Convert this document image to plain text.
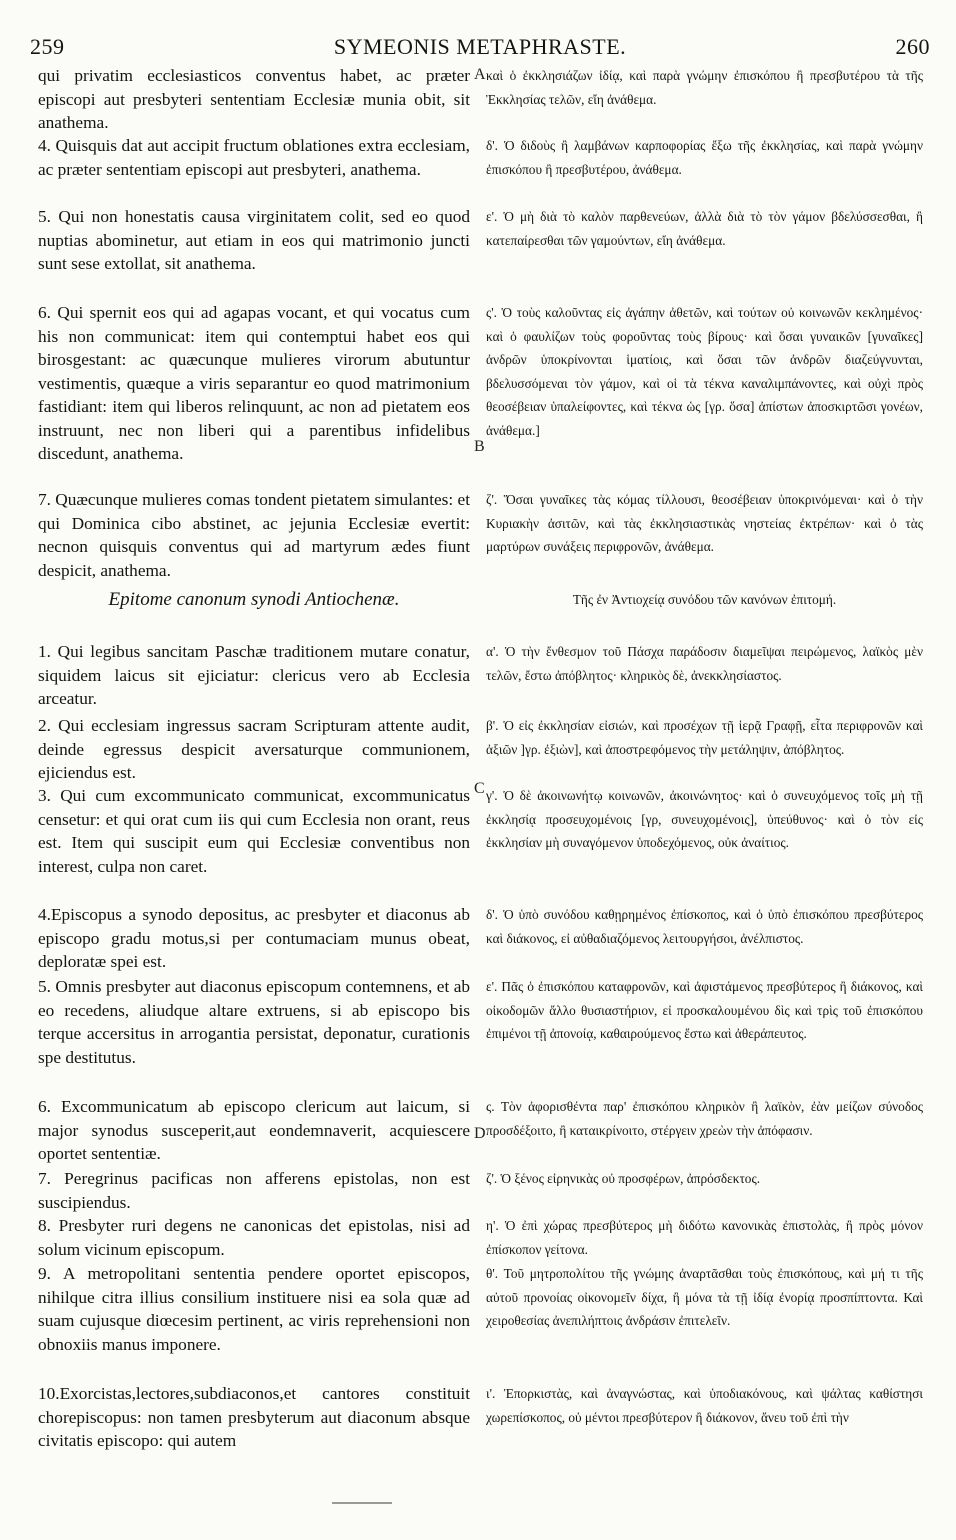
259	SYMEONIS METAPHRASTE.	260

qui privatim ecclesiasticos conventus habet, ac præter episcopi aut presbyteri sententiam Ecclesiæ munia obit, sit anathema.

4. Quisquis dat aut accipit fructum oblationes extra ecclesiam, ac præter sententiam episcopi aut presbyteri, anathema.

5. Qui non honestatis causa virginitatem colit, sed eo quod nuptias abominetur, aut etiam in eos qui matrimonio juncti sunt sese extollat, sit anathema.

6. Qui spernit eos qui ad agapas vocant, et qui vocatus cum his non communicat: item qui contemptui habet eos qui birosgestant: ac quæcunque mulieres virorum abutuntur vestimentis, quæque a viris separantur eo quod matrimonium fastidiant: item qui liberos relinquunt, ac non ad pietatem eos instruunt, nec non liberi qui a parentibus infidelibus discedunt, anathema.

7. Quæcunque mulieres comas tondent pietatem simulantes: et qui Dominica cibo abstinet, ac jejunia Ecclesiæ evertit: necnon quisquis conventus qui ad martyrum ædes fiunt despicit, anathema.

Epitome canonum synodi Antiochenæ.

1. Qui legibus sancitam Paschæ traditionem mutare conatur, siquidem laicus sit ejiciatur: clericus vero ab Ecclesia arceatur.

2. Qui ecclesiam ingressus sacram Scripturam attente audit, deinde egressus despicit aversaturque communionem, ejiciendus est.

3. Qui cum excommunicato communicat, excommunicatus censetur: et qui orat cum iis qui cum Ecclesia non orant, reus est. Item qui suscipit eum qui Ecclesiæ conventibus non interest, culpa non caret.

4.Episcopus a synodo depositus, ac presbyter et diaconus ab episcopo gradu motus,si per contumaciam munus obeat, deploratæ spei est.

5. Omnis presbyter aut diaconus episcopum contemnens, et ab eo recedens, aliudque altare extruens, si ab episcopo bis terque accersitus in arrogantia persistat, deponatur, curationis spe destitutus.

6. Excommunicatum ab episcopo clericum aut laicum, si major synodus susceperit,aut eondemnaverit, acquiescere oportet sententiæ.

7. Peregrinus pacificas non afferens epistolas, non est suscipiendus.

8. Presbyter ruri degens ne canonicas det epistolas, nisi ad solum vicinum episcopum.

9. A metropolitani sententia pendere oportet episcopos, nihilque citra illius consilium instituere nisi ea sola quæ ad suam cujusque diœcesim pertinent, ac viris reprehensioni non obnoxiis manus imponere.

10.Exorcistas,lectores,subdiaconos,et cantores constituit chorepiscopus: non tamen presbyterum aut diaconum absque civitatis episcopo: qui autem

A
B
C
D

καὶ ὁ ἐκκλησιάζων ἰδίᾳ, καὶ παρὰ γνώμην ἐπισκόπου ἢ πρεσβυτέρου τὰ τῆς Ἐκκλησίας τελῶν, εἴη ἀνάθεμα.

δ'. Ὁ διδοὺς ἢ λαμβάνων καρποφορίας ἔξω τῆς ἐκκλησίας, καὶ παρὰ γνώμην ἐπισκόπου ἢ πρεσβυτέρου, ἀνάθεμα.

ε'. Ὁ μὴ διὰ τὸ καλὸν παρθενεύων, ἀλλὰ διὰ τὸ τὸν γάμον βδελύσσεσθαι, ἢ κατεπαίρεσθαι τῶν γαμούντων, εἴη ἀνάθεμα.

ς'. Ὁ τοὺς καλοῦντας εἰς ἀγάπην ἀθετῶν, καὶ τούτων οὐ κοινωνῶν κεκλημένος· καὶ ὁ φαυλίζων τοὺς φοροῦντας τοὺς βίρους· καὶ ὅσαι γυναικῶν [γυναῖκες] ἀνδρῶν ὑποκρίνονται ἱματίοις, καὶ ὅσαι τῶν ἀνδρῶν διαζεύγνυνται, βδελυσσόμεναι τὸν γάμον, καὶ οἱ τὰ τέκνα καναλιμπάνοντες, καὶ οὐχὶ πρὸς θεοσέβειαν ὑπαλείφοντες, καὶ τέκνα ὡς [γρ. ὅσα] ἀπίστων ἀποσκιρτῶσι γονέων, ἀνάθεμα.]

ζ'. Ὅσαι γυναῖκες τὰς κόμας τίλλουσι, θεοσέβειαν ὑποκρινόμεναι· καὶ ὁ τὴν Κυριακὴν ἀσιτῶν, καὶ τὰς ἐκκλησιαστικὰς νηστείας ἐκτρέπων· καὶ ὁ τὰς μαρτύρων συνάξεις περιφρονῶν, ἀνάθεμα.

Τῆς ἐν Ἀντιοχείᾳ συνόδου τῶν κανόνων ἐπιτομή.

α'. Ὁ τὴν ἔνθεσμον τοῦ Πάσχα παράδοσιν διαμεῖψαι πειρώμενος, λαϊκὸς μὲν τελῶν, ἔστω ἀπόβλητος· κληρικὸς δὲ, ἀνεκκλησίαστος.

β'. Ὁ εἰς ἐκκλησίαν εἰσιών, καὶ προσέχων τῇ ἱερᾷ Γραφῇ, εἶτα περιφρονῶν καὶ ἀξιῶν ]γρ. ἐξιὼν], καὶ ἀποστρεφόμενος τὴν μετάληψιν, ἀπόβλητος.

γ'. Ὁ δὲ ἀκοινωνήτῳ κοινωνῶν, ἀκοινώνητος· καὶ ὁ συνευχόμενος τοῖς μὴ τῇ ἐκκλησίᾳ προσευχομένοις [γρ, συνευχομένοις], ὑπεύθυνος· καὶ ὁ τὸν εἰς ἐκκλησίαν μὴ συναγόμενον ὑποδεχόμενος, οὐκ ἀναίτιος.

δ'. Ὁ ὑπὸ συνόδου καθῃρημένος ἐπίσκοπος, καὶ ὁ ὑπὸ ἐπισκόπου πρεσβύτερος καὶ διάκονος, εἰ αὐθαδιαζόμενος λειτουργήσοι, ἀνέλπιστος.

ε'. Πᾶς ὁ ἐπισκόπου καταφρονῶν, καὶ ἀφιστάμενος πρεσβύτερος ἢ διάκονος, καὶ οἰκοδομῶν ἄλλο θυσιαστήριον, εἰ προσκαλουμένου δὶς καὶ τρὶς τοῦ ἐπισκόπου ἐπιμένοι τῇ ἀπονοίᾳ, καθαιρούμενος ἔστω καὶ ἀθεράπευτος.

ς. Τὸν ἀφορισθέντα παρ' ἐπισκόπου κληρικὸν ἢ λαϊκὸν, ἐὰν μείζων σύνοδος προσδέξοιτο, ἢ καταικρίνοιτο, στέργειν χρεὼν τὴν ἀπόφασιν.

ζ'. Ὁ ξένος εἰρηνικὰς οὐ προσφέρων, ἀπρόσδεκτος.

η'. Ὁ ἐπὶ χώρας πρεσβύτερος μὴ διδότω κανονικὰς ἐπιστολὰς, ἢ πρὸς μόνον ἐπίσκοπον γείτονα.

θ'. Τοῦ μητροπολίτου τῆς γνώμης ἀναρτᾶσθαι τοὺς ἐπισκόπους, καὶ μή τι τῆς αὐτοῦ προνοίας οἰκονομεῖν δίχα, ἢ μόνα τὰ τῇ ἰδίᾳ ἐνορίᾳ προσπίπτοντα. Καὶ χειροθεσίας ἀνεπιλήπτοις ἀνδράσιν ἐπιτελεῖν.

ι'. Ἐπορκιστὰς, καὶ ἀναγνώστας, καὶ ὑποδιακόνους, καὶ ψάλτας καθίστησι χωρεπίσκοπος, οὐ μέντοι πρεσβύτερον ἢ διάκονον, ἄνευ τοῦ ἐπὶ τὴν
